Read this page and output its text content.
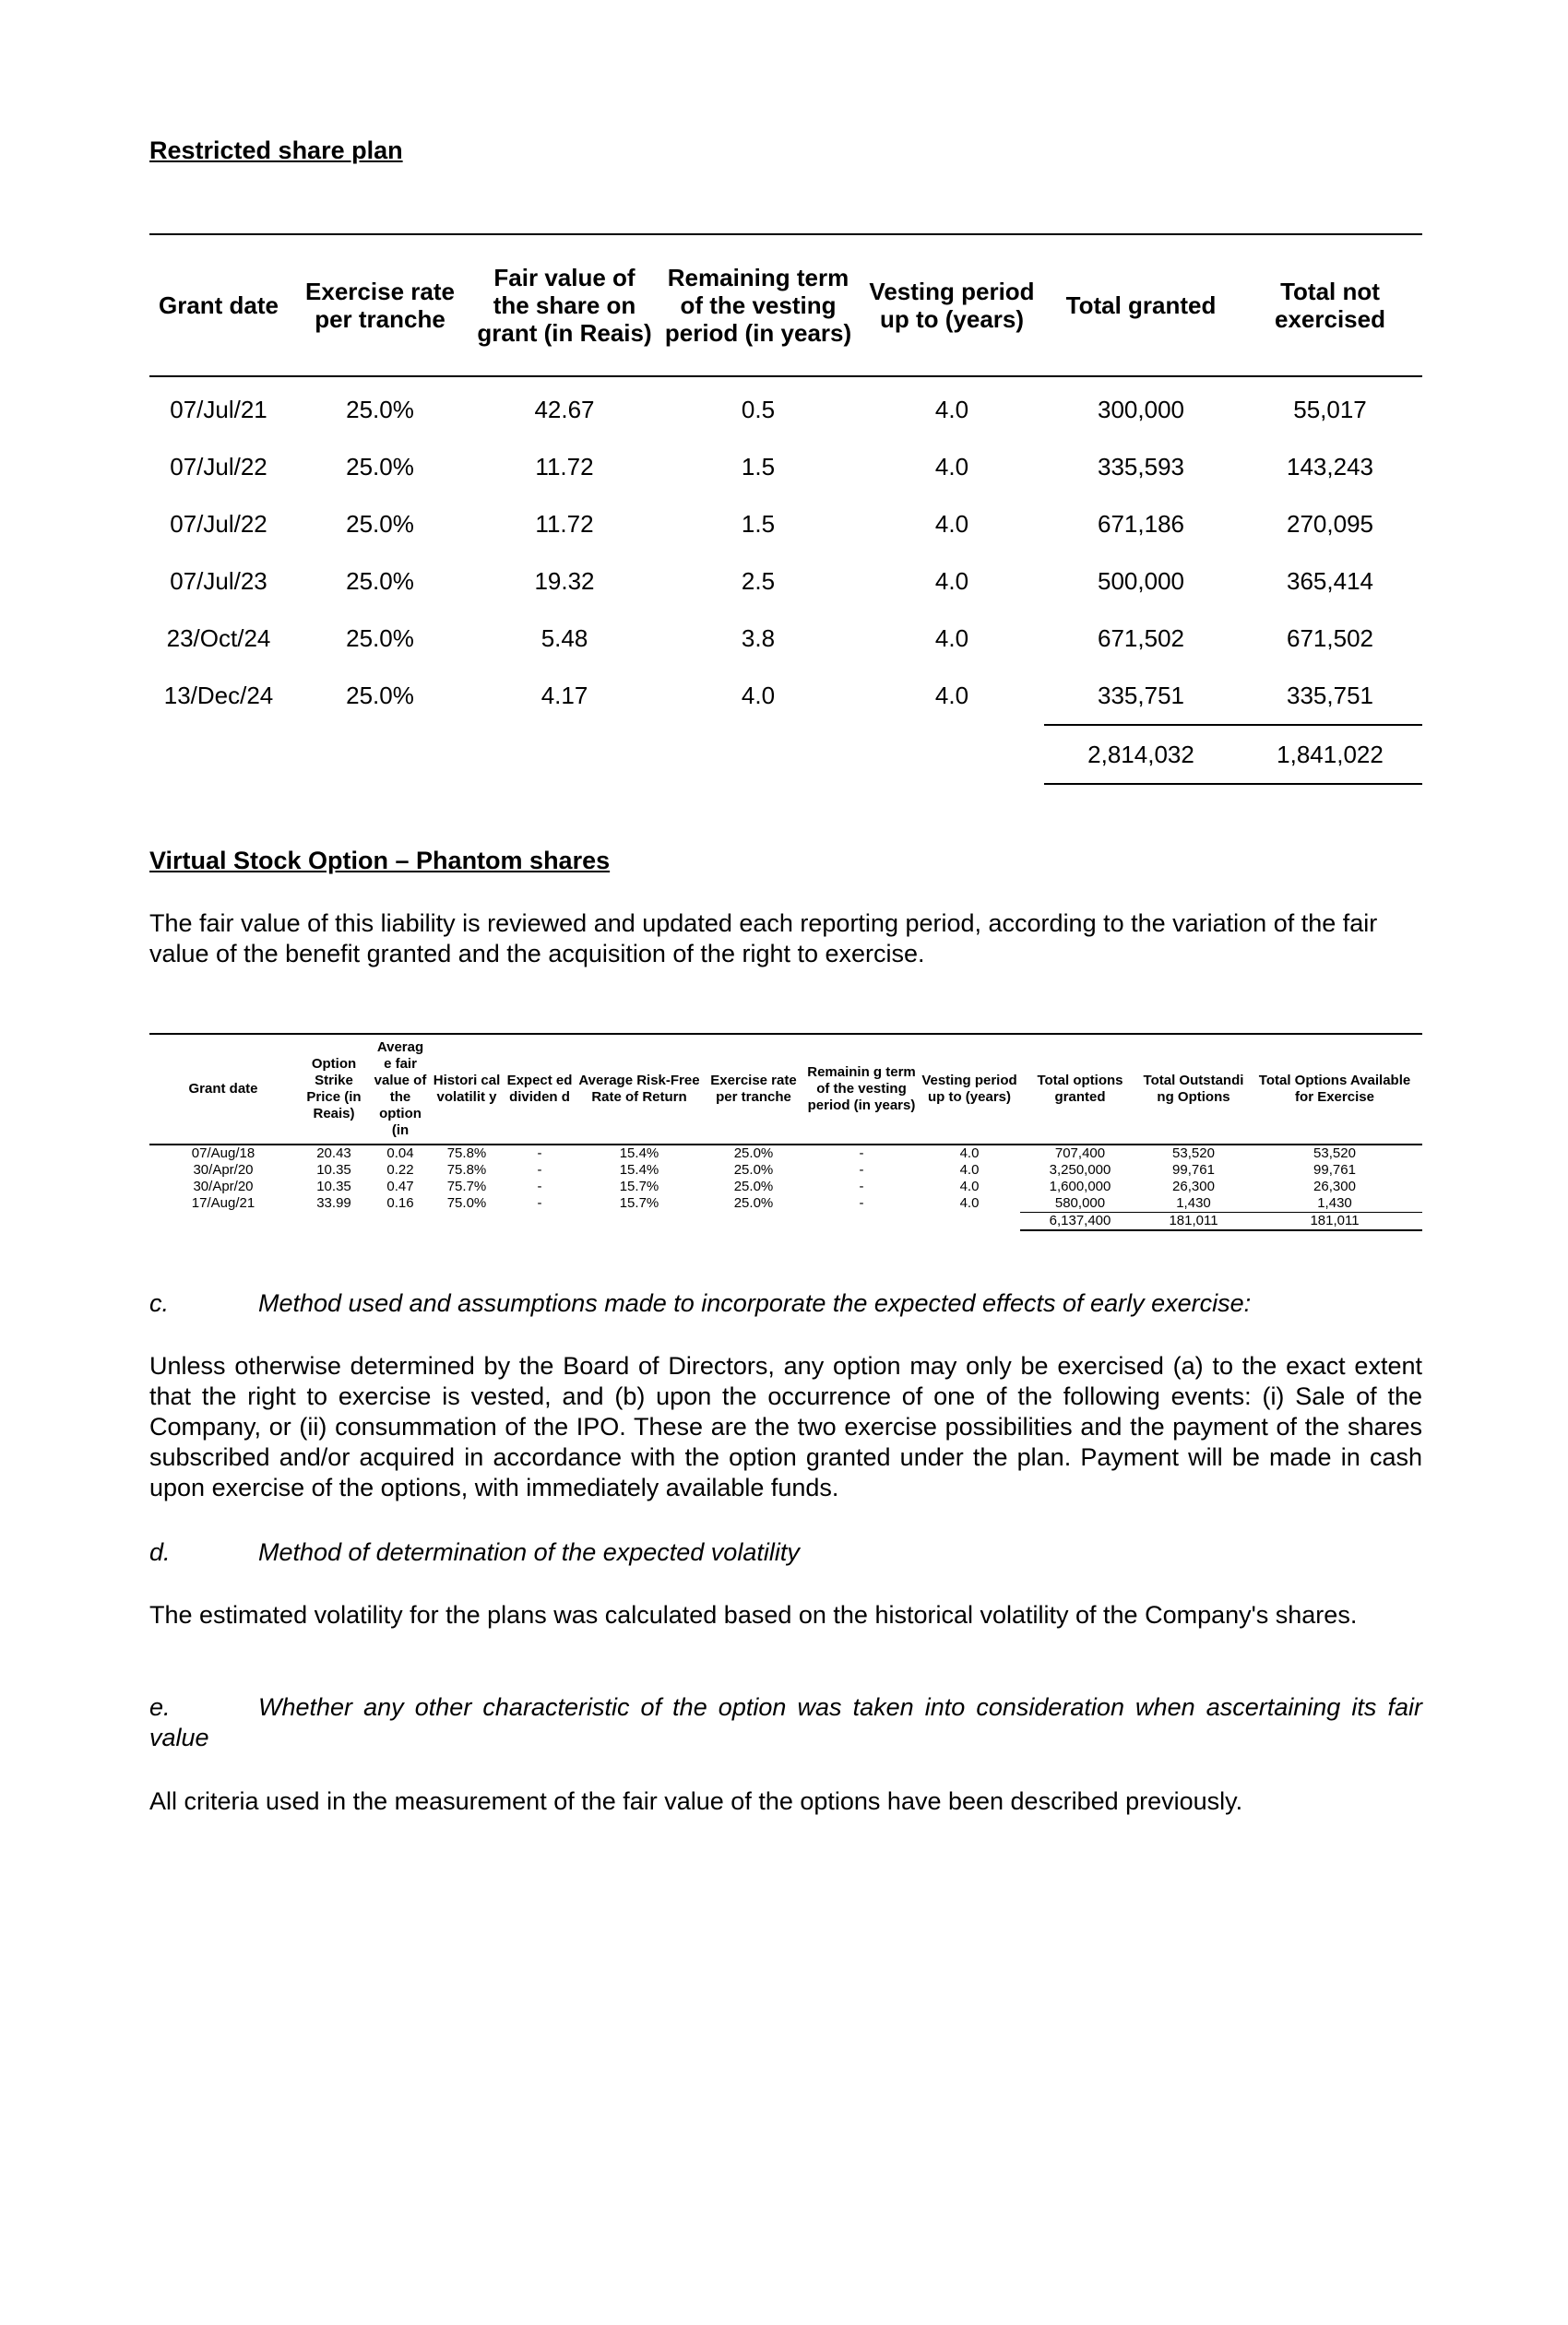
Restricted share plan
Grant date	Exercise rate per tranche	Fair value of the share on grant (in Reais)	Remaining term of the vesting period (in years)	Vesting period up to (years)	Total granted	Total not exercised
07/Jul/21	25.0%	42.67	0.5	4.0	300,000	55,017
07/Jul/22	25.0%	11.72	1.5	4.0	335,593	143,243
07/Jul/22	25.0%	11.72	1.5	4.0	671,186	270,095
07/Jul/23	25.0%	19.32	2.5	4.0	500,000	365,414
23/Oct/24	25.0%	5.48	3.8	4.0	671,502	671,502
13/Dec/24	25.0%	4.17	4.0	4.0	335,751	335,751
					2,814,032	1,841,022
Virtual Stock Option – Phantom shares
The fair value of this liability is reviewed and updated each reporting period, according to the variation of the fair value of the benefit granted and the acquisition of the right to exercise.
Grant date	Option Strike Price (in Reais)	Averag e fair value of the option (in	Histori cal volatilit y	Expect ed dividen d	Average Risk-Free Rate of Return	Exercise rate per tranche	Remainin g term of the vesting period (in years)	Vesting period up to (years)	Total options granted	Total Outstandi ng Options	Total Options Available for Exercise
07/Aug/18	20.43	0.04	75.8%	-	15.4%	25.0%	-	4.0	707,400	53,520	53,520
30/Apr/20	10.35	0.22	75.8%	-	15.4%	25.0%	-	4.0	3,250,000	99,761	99,761
30/Apr/20	10.35	0.47	75.7%	-	15.7%	25.0%	-	4.0	1,600,000	26,300	26,300
17/Aug/21	33.99	0.16	75.0%	-	15.7%	25.0%	-	4.0	580,000	1,430	1,430
									6,137,400	181,011	181,011
c.	Method used and assumptions made to incorporate the expected effects of early exercise:
Unless otherwise determined by the Board of Directors, any option may only be exercised (a) to the exact extent that the right to exercise is vested, and (b) upon the occurrence of one of the following events: (i) Sale of the Company, or (ii) consummation of the IPO. These are the two exercise possibilities and the payment of the shares subscribed and/or acquired in accordance with the option granted under the plan. Payment will be made in cash upon exercise of the options, with immediately available funds.
d.	Method of determination of the expected volatility
The estimated volatility for the plans was calculated based on the historical volatility of the Company's shares.
e.	Whether any other characteristic of the option was taken into consideration when ascertaining its fair value
All criteria used in the measurement of the fair value of the options have been described previously.
